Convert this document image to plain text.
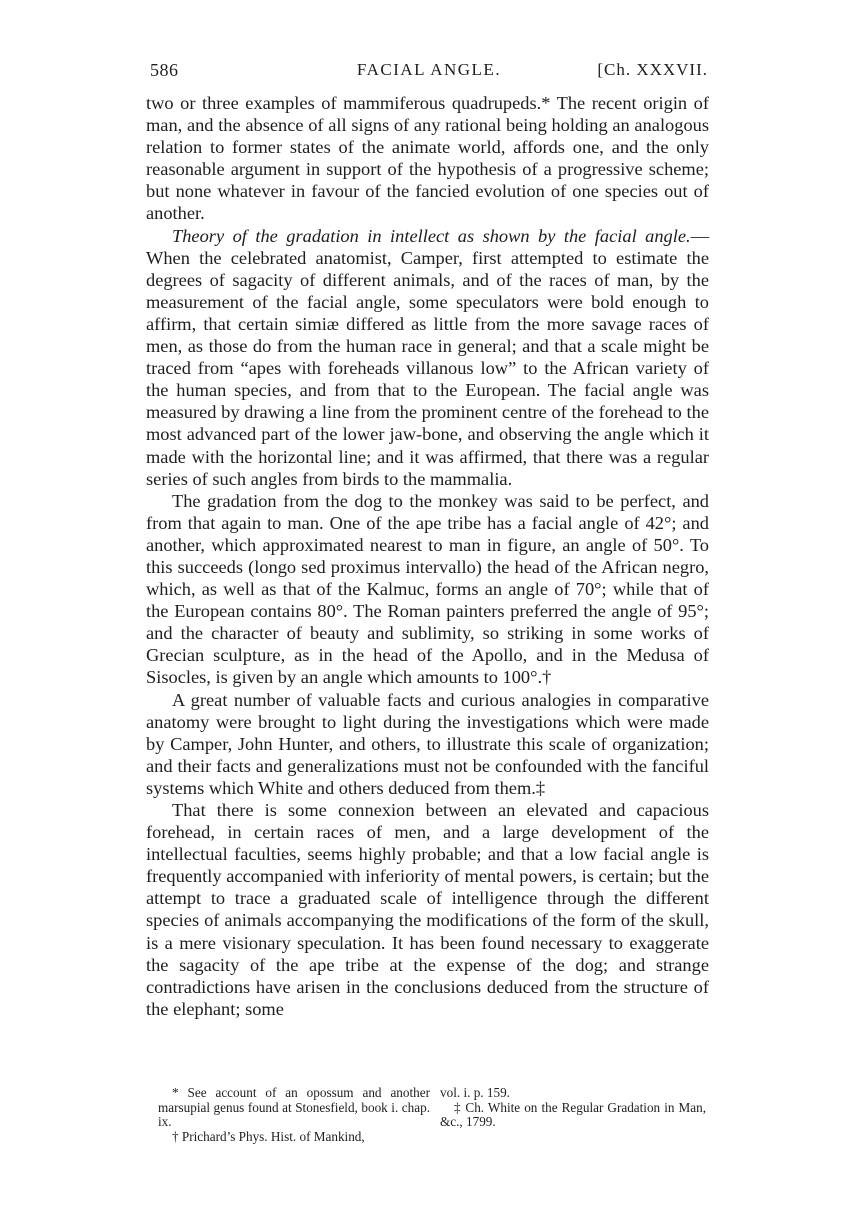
586	FACIAL ANGLE.	[Ch. XXXVII.

two or three examples of mammiferous quadrupeds.* The recent origin of man, and the absence of all signs of any rational being holding an analogous relation to former states of the animate world, affords one, and the only reasonable argument in support of the hypothesis of a progressive scheme; but none whatever in favour of the fancied evolution of one species out of another.

Theory of the gradation in intellect as shown by the facial angle.—When the celebrated anatomist, Camper, first attempted to estimate the degrees of sagacity of different animals, and of the races of man, by the measurement of the facial angle, some speculators were bold enough to affirm, that certain simiæ differed as little from the more savage races of men, as those do from the human race in general; and that a scale might be traced from “apes with foreheads villanous low” to the African variety of the human species, and from that to the European. The facial angle was measured by drawing a line from the prominent centre of the forehead to the most advanced part of the lower jaw-bone, and observing the angle which it made with the horizontal line; and it was affirmed, that there was a regular series of such angles from birds to the mammalia.

The gradation from the dog to the monkey was said to be perfect, and from that again to man. One of the ape tribe has a facial angle of 42°; and another, which approximated nearest to man in figure, an angle of 50°. To this succeeds (longo sed proximus intervallo) the head of the African negro, which, as well as that of the Kalmuc, forms an angle of 70°; while that of the European contains 80°. The Roman painters preferred the angle of 95°; and the character of beauty and sublimity, so striking in some works of Grecian sculpture, as in the head of the Apollo, and in the Medusa of Sisocles, is given by an angle which amounts to 100°.†

A great number of valuable facts and curious analogies in comparative anatomy were brought to light during the investigations which were made by Camper, John Hunter, and others, to illustrate this scale of organization; and their facts and generalizations must not be confounded with the fanciful systems which White and others deduced from them.‡

That there is some connexion between an elevated and capacious forehead, in certain races of men, and a large development of the intellectual faculties, seems highly probable; and that a low facial angle is frequently accompanied with inferiority of mental powers, is certain; but the attempt to trace a graduated scale of intelligence through the different species of animals accompanying the modifications of the form of the skull, is a mere visionary speculation. It has been found necessary to exaggerate the sagacity of the ape tribe at the expense of the dog; and strange contradictions have arisen in the conclusions deduced from the structure of the elephant; some

* See account of an opossum and another marsupial genus found at Stonesfield, book i. chap. ix.

† Prichard’s Phys. Hist. of Mankind,

vol. i. p. 159.

‡ Ch. White on the Regular Gradation in Man, &c., 1799.
